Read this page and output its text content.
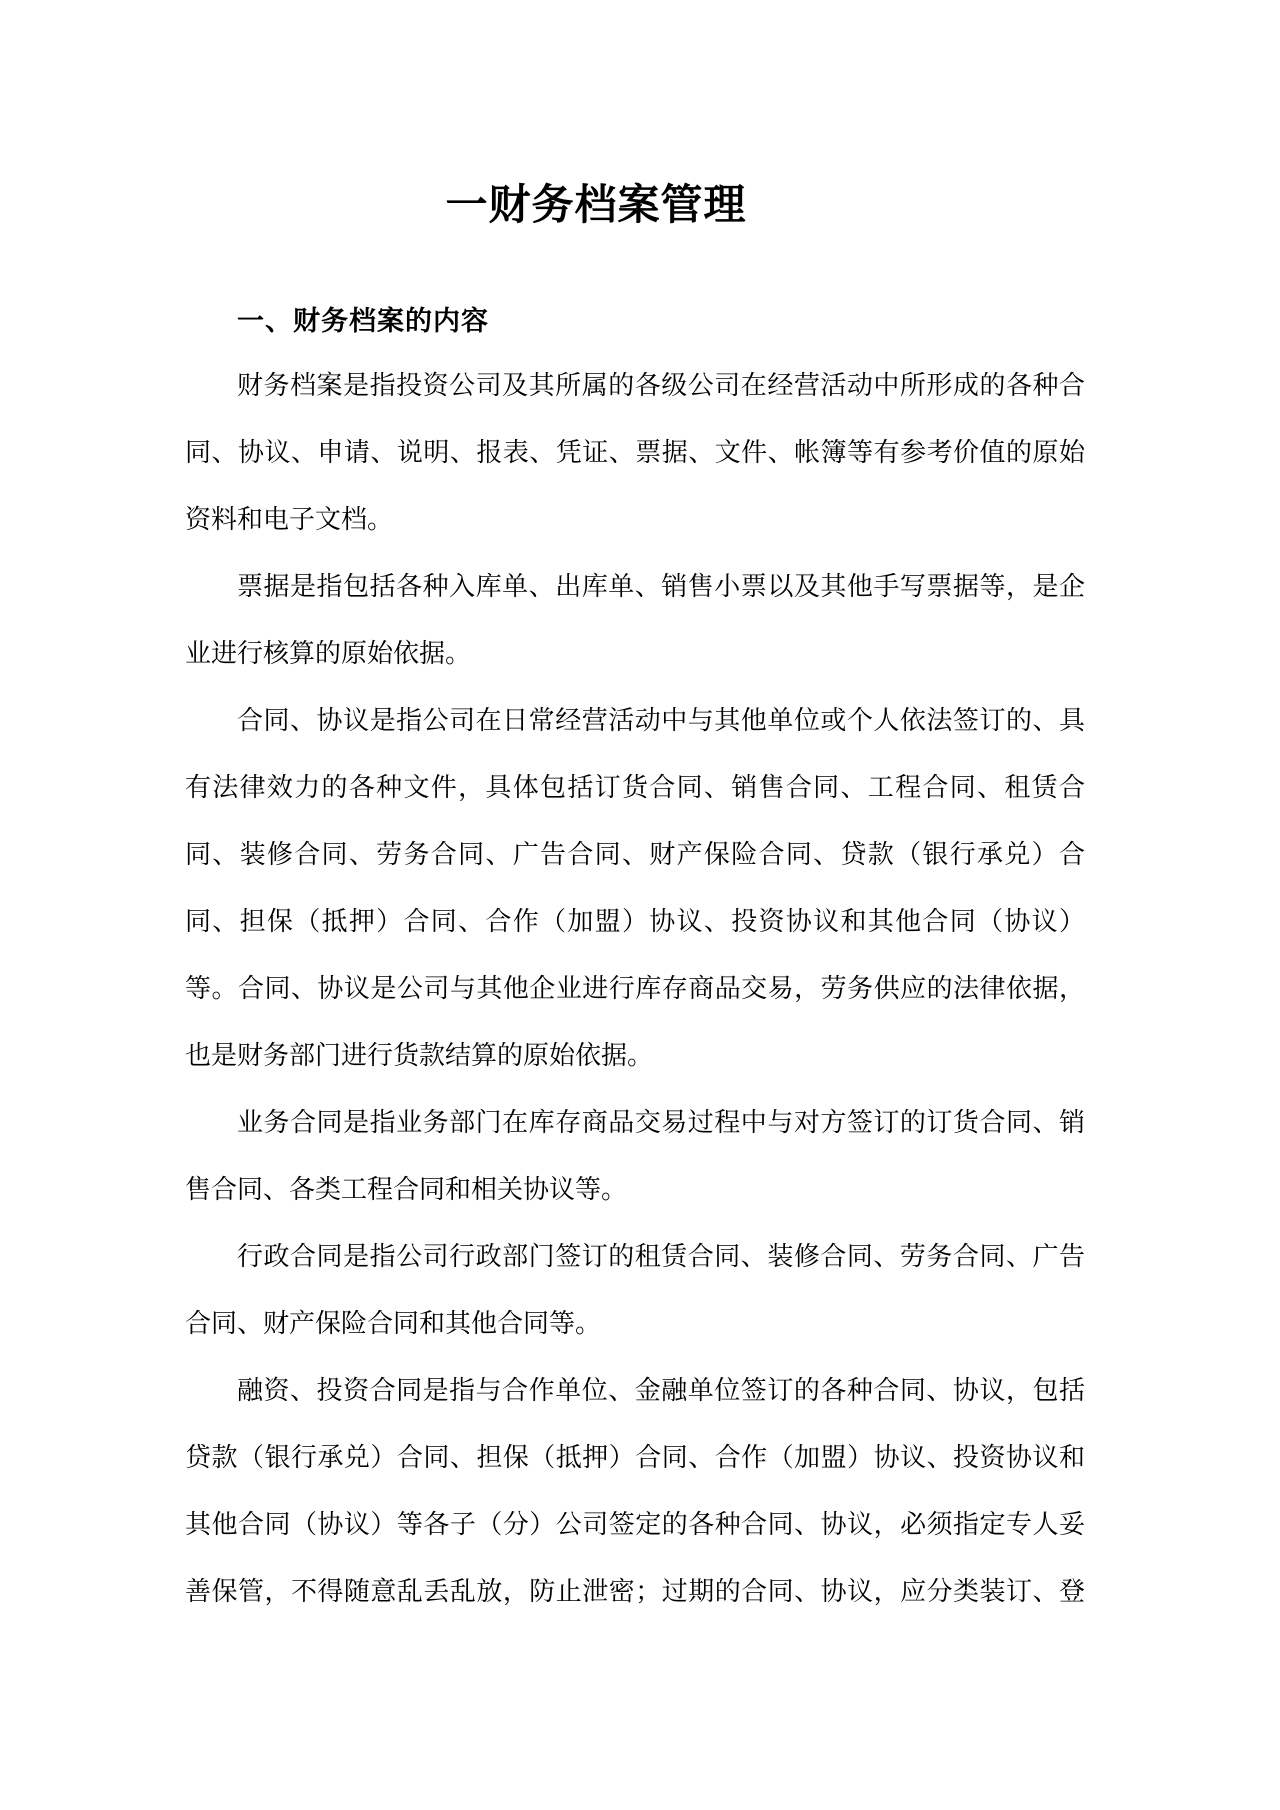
一财务档案管理
一、财务档案的内容
财务档案是指投资公司及其所属的各级公司在经营活动中所形成的各种合
同、协议、申请、说明、报表、凭证、票据、文件、帐簿等有参考价值的原始
资料和电子文档。
票据是指包括各种入库单、出库单、销售小票以及其他手写票据等，是企
业进行核算的原始依据。
合同、协议是指公司在日常经营活动中与其他单位或个人依法签订的、具
有法律效力的各种文件，具体包括订货合同、销售合同、工程合同、租赁合
同、装修合同、劳务合同、广告合同、财产保险合同、贷款（银行承兑）合
同、担保（抵押）合同、合作（加盟）协议、投资协议和其他合同（协议）
等。合同、协议是公司与其他企业进行库存商品交易，劳务供应的法律依据，
也是财务部门进行货款结算的原始依据。
业务合同是指业务部门在库存商品交易过程中与对方签订的订货合同、销
售合同、各类工程合同和相关协议等。
行政合同是指公司行政部门签订的租赁合同、装修合同、劳务合同、广告
合同、财产保险合同和其他合同等。
融资、投资合同是指与合作单位、金融单位签订的各种合同、协议，包括
贷款（银行承兑）合同、担保（抵押）合同、合作（加盟）协议、投资协议和
其他合同（协议）等各子（分）公司签定的各种合同、协议，必须指定专人妥
善保管，不得随意乱丢乱放，防止泄密；过期的合同、协议，应分类装订、登
